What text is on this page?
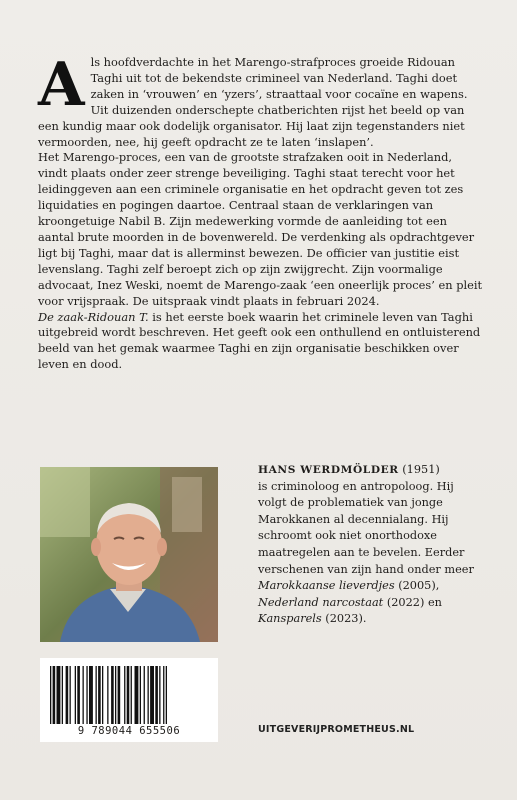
A ls hoofdverdachte in het Marengo-strafproces groeide Ridouan Taghi uit tot de bekendste crimineel van Nederland. Taghi doet zaken in ‘vrouwen’ en ‘yzers’, straattaal voor cocaïne en wapens. Uit duizenden onderschepte chatberichten rijst het beeld op van een kundig maar ook dodelijk organisator. Hij laat zijn tegenstanders niet vermoorden, nee, hij geeft opdracht ze te laten ‘inslapen’.

Het Marengo-proces, een van de grootste strafzaken ooit in Nederland, vindt plaats onder zeer strenge beveiliging. Taghi staat terecht voor het leidinggeven aan een criminele organisatie en het opdracht geven tot zes liquidaties en pogingen daartoe. Centraal staan de verklaringen van kroongetuige Nabil B. Zijn medewerking vormde de aanleiding tot een aantal brute moorden in de bovenwereld. De verdenking als opdrachtgever ligt bij Taghi, maar dat is allerminst bewezen. De officier van justitie eist levenslang. Taghi zelf beroept zich op zijn zwijgrecht. Zijn voormalige advocaat, Inez Weski, noemt de Marengo-zaak ‘een oneerlijk proces’ en pleit voor vrijspraak. De uitspraak vindt plaats in februari 2024.

De zaak-Ridouan T. is het eerste boek waarin het criminele leven van Taghi uitgebreid wordt beschreven. Het geeft ook een onthullend en ontluisterend beeld van het gemak waarmee Taghi en zijn organisatie beschikken over leven en dood.

HANS WERDMÖLDER (1951)
is criminoloog en antropoloog. Hij volgt de problematiek van jonge Marokkanen al decennialang. Hij schroomt ook niet onorthodoxe maatregelen aan te bevelen. Eerder verschenen van zijn hand onder meer Marokkaanse lieverdjes (2005), Nederland narcostaat (2022) en Kansparels (2023).
9 789044 655506	UITGEVERIJPROMETHEUS.NL
